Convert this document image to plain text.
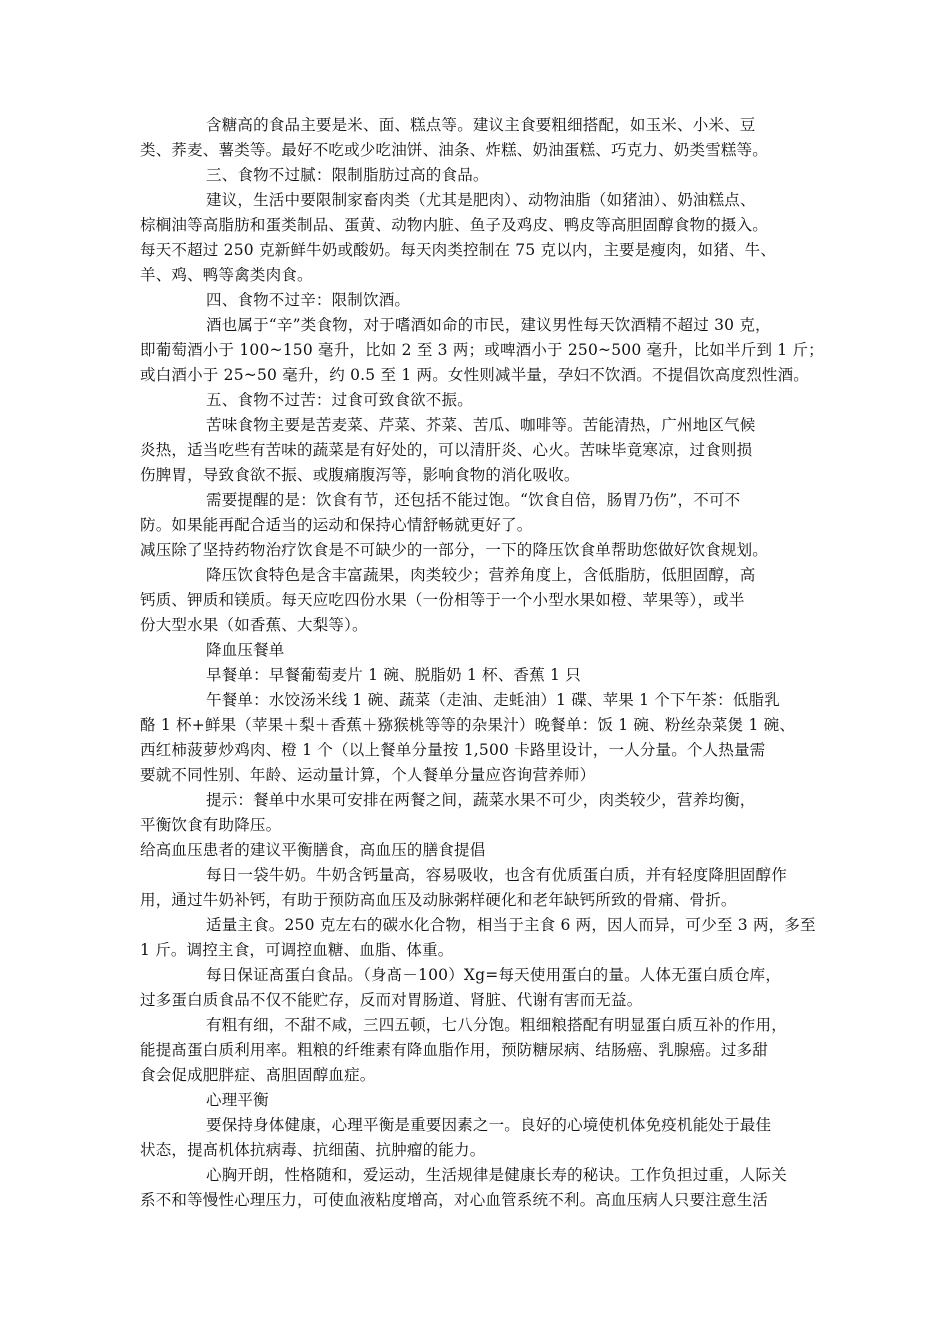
含糖高的食品主要是米、面、糕点等。建议主食要粗细搭配，如玉米、小米、豆
类、荞麦、薯类等。最好不吃或少吃油饼、油条、炸糕、奶油蛋糕、巧克力、奶类雪糕等。
三、食物不过腻：限制脂肪过高的食品。
建议，生活中要限制家畜肉类（尤其是肥肉）、动物油脂（如猪油）、奶油糕点、
棕榈油等高脂肪和蛋类制品、蛋黄、动物内脏、鱼子及鸡皮、鸭皮等高胆固醇食物的摄入。
每天不超过 250 克新鲜牛奶或酸奶。每天肉类控制在 75 克以内，主要是瘦肉，如猪、牛、
羊、鸡、鸭等禽类肉食。
四、食物不过辛：限制饮酒。
酒也属于“辛”类食物，对于嗜酒如命的市民，建议男性每天饮酒精不超过 30 克，
即葡萄酒小于 100~150 毫升，比如 2 至 3 两；或啤酒小于 250~500 毫升，比如半斤到 1 斤；
或白酒小于 25~50 毫升，约 0.5 至 1 两。女性则减半量，孕妇不饮酒。不提倡饮高度烈性酒。
五、食物不过苦：过食可致食欲不振。
苦味食物主要是苦麦菜、芹菜、芥菜、苦瓜、咖啡等。苦能清热，广州地区气候
炎热，适当吃些有苦味的蔬菜是有好处的，可以清肝炎、心火。苦味毕竟寒凉，过食则损
伤脾胃，导致食欲不振、或腹痛腹泻等，影响食物的消化吸收。
需要提醒的是：饮食有节，还包括不能过饱。“饮食自倍，肠胃乃伤”，不可不
防。如果能再配合适当的运动和保持心情舒畅就更好了。
减压除了坚持药物治疗饮食是不可缺少的一部分，一下的降压饮食单帮助您做好饮食规划。
降压饮食特色是含丰富蔬果，肉类较少；营养角度上，含低脂肪，低胆固醇，高
钙质、钾质和镁质。每天应吃四份水果（一份相等于一个小型水果如橙、苹果等），或半
份大型水果（如香蕉、大梨等）。
降血压餐单
早餐单：早餐葡萄麦片 1 碗、脱脂奶 1 杯、香蕉 1 只
午餐单：水饺汤米线 1 碗、蔬菜（走油、走蚝油）1 碟、苹果 1 个下午茶：低脂乳
酪 1 杯+鲜果（苹果＋梨＋香蕉＋猕猴桃等等的杂果汁）晚餐单：饭 1 碗、粉丝杂菜煲 1 碗、
西红柿菠萝炒鸡肉、橙 1 个（以上餐单分量按 1,500 卡路里设计，一人分量。个人热量需
要就不同性别、年龄、运动量计算，个人餐单分量应咨询营养师）
提示：餐单中水果可安排在两餐之间，蔬菜水果不可少，肉类较少，营养均衡，
平衡饮食有助降压。
给高血压患者的建议平衡膳食，高血压的膳食提倡
每日一袋牛奶。牛奶含钙量高，容易吸收，也含有优质蛋白质，并有轻度降胆固醇作
用，通过牛奶补钙，有助于预防高血压及动脉粥样硬化和老年缺钙所致的骨痛、骨折。
适量主食。250 克左右的碳水化合物，相当于主食 6 两，因人而异，可少至 3 两，多至
1 斤。调控主食，可调控血糖、血脂、体重。
每日保证髙蛋白食品。（身髙－100）Xg=每天使用蛋白的量。人体无蛋白质仓库，
过多蛋白质食品不仅不能贮存，反而对胃肠道、肾脏、代谢有害而无益。
有粗有细，不甜不咸，三四五顿，七八分饱。粗细粮搭配有明显蛋白质互补的作用，
能提髙蛋白质利用率。粗粮的纤维素有降血脂作用，预防糖尿病、结肠癌、乳腺癌。过多甜
食会促成肥胖症、髙胆固醇血症。
心理平衡
要保持身体健康，心理平衡是重要因素之一。良好的心境使机体免疫机能处于最佳
状态，提髙机体抗病毒、抗细菌、抗肿瘤的能力。
心胸开朗，性格随和，爱运动，生活规律是健康长寿的秘诀。工作负担过重，人际关
系不和等慢性心理压力，可使血液粘度增高，对心血管系统不利。高血压病人只要注意生活
